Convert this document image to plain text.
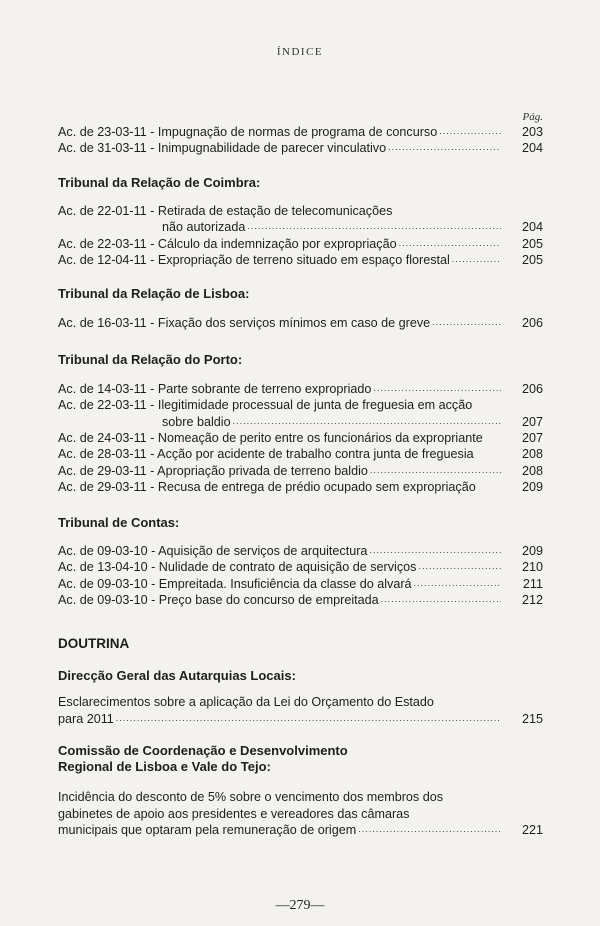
ÍNDICE
Pág.
Ac. de 23-03-11 - Impugnação de normas de programa de concurso .....	203
Ac. de 31-03-11 - Inimpugnabilidade de parecer vinculativo .....	204
Tribunal da Relação de Coimbra:
Ac. de 22-01-11 - Retirada de estação de telecomunicações
não autorizada .....	204
Ac. de 22-03-11 - Cálculo da indemnização por expropriação .....	205
Ac. de 12-04-11 - Expropriação de terreno situado em espaço florestal .....	205
Tribunal da Relação de Lisboa:
Ac. de 16-03-11 - Fixação dos serviços mínimos em caso de greve .....	206
Tribunal da Relação do Porto:
Ac. de 14-03-11 - Parte sobrante de terreno expropriado .....	206
Ac. de 22-03-11 - Ilegitimidade processual de junta de freguesia em acção
sobre baldio .....	207
Ac. de 24-03-11 - Nomeação de perito entre os funcionários da expropriante	207
Ac. de 28-03-11 - Acção por acidente de trabalho contra junta de freguesia	208
Ac. de 29-03-11 - Apropriação privada de terreno baldio .....	208
Ac. de 29-03-11 - Recusa de entrega de prédio ocupado sem expropriação	209
Tribunal de Contas:
Ac. de 09-03-10 - Aquisição de serviços de arquitectura .....	209
Ac. de 13-04-10 - Nulidade de contrato de aquisição de serviços .....	210
Ac. de 09-03-10 - Empreitada. Insuficiência da classe do alvará .....	211
Ac. de 09-03-10 - Preço base do concurso de empreitada .....	212
DOUTRINA
Direcção Geral das Autarquias Locais:
Esclarecimentos sobre a aplicação da Lei do Orçamento do Estado
para 2011 .....	215
Comissão de Coordenação e Desenvolvimento
Regional de Lisboa e Vale do Tejo:
Incidência do desconto de 5% sobre o vencimento dos membros dos
gabinetes de apoio aos presidentes e vereadores das câmaras
municipais que optaram pela remuneração de origem .....	221
—279—
